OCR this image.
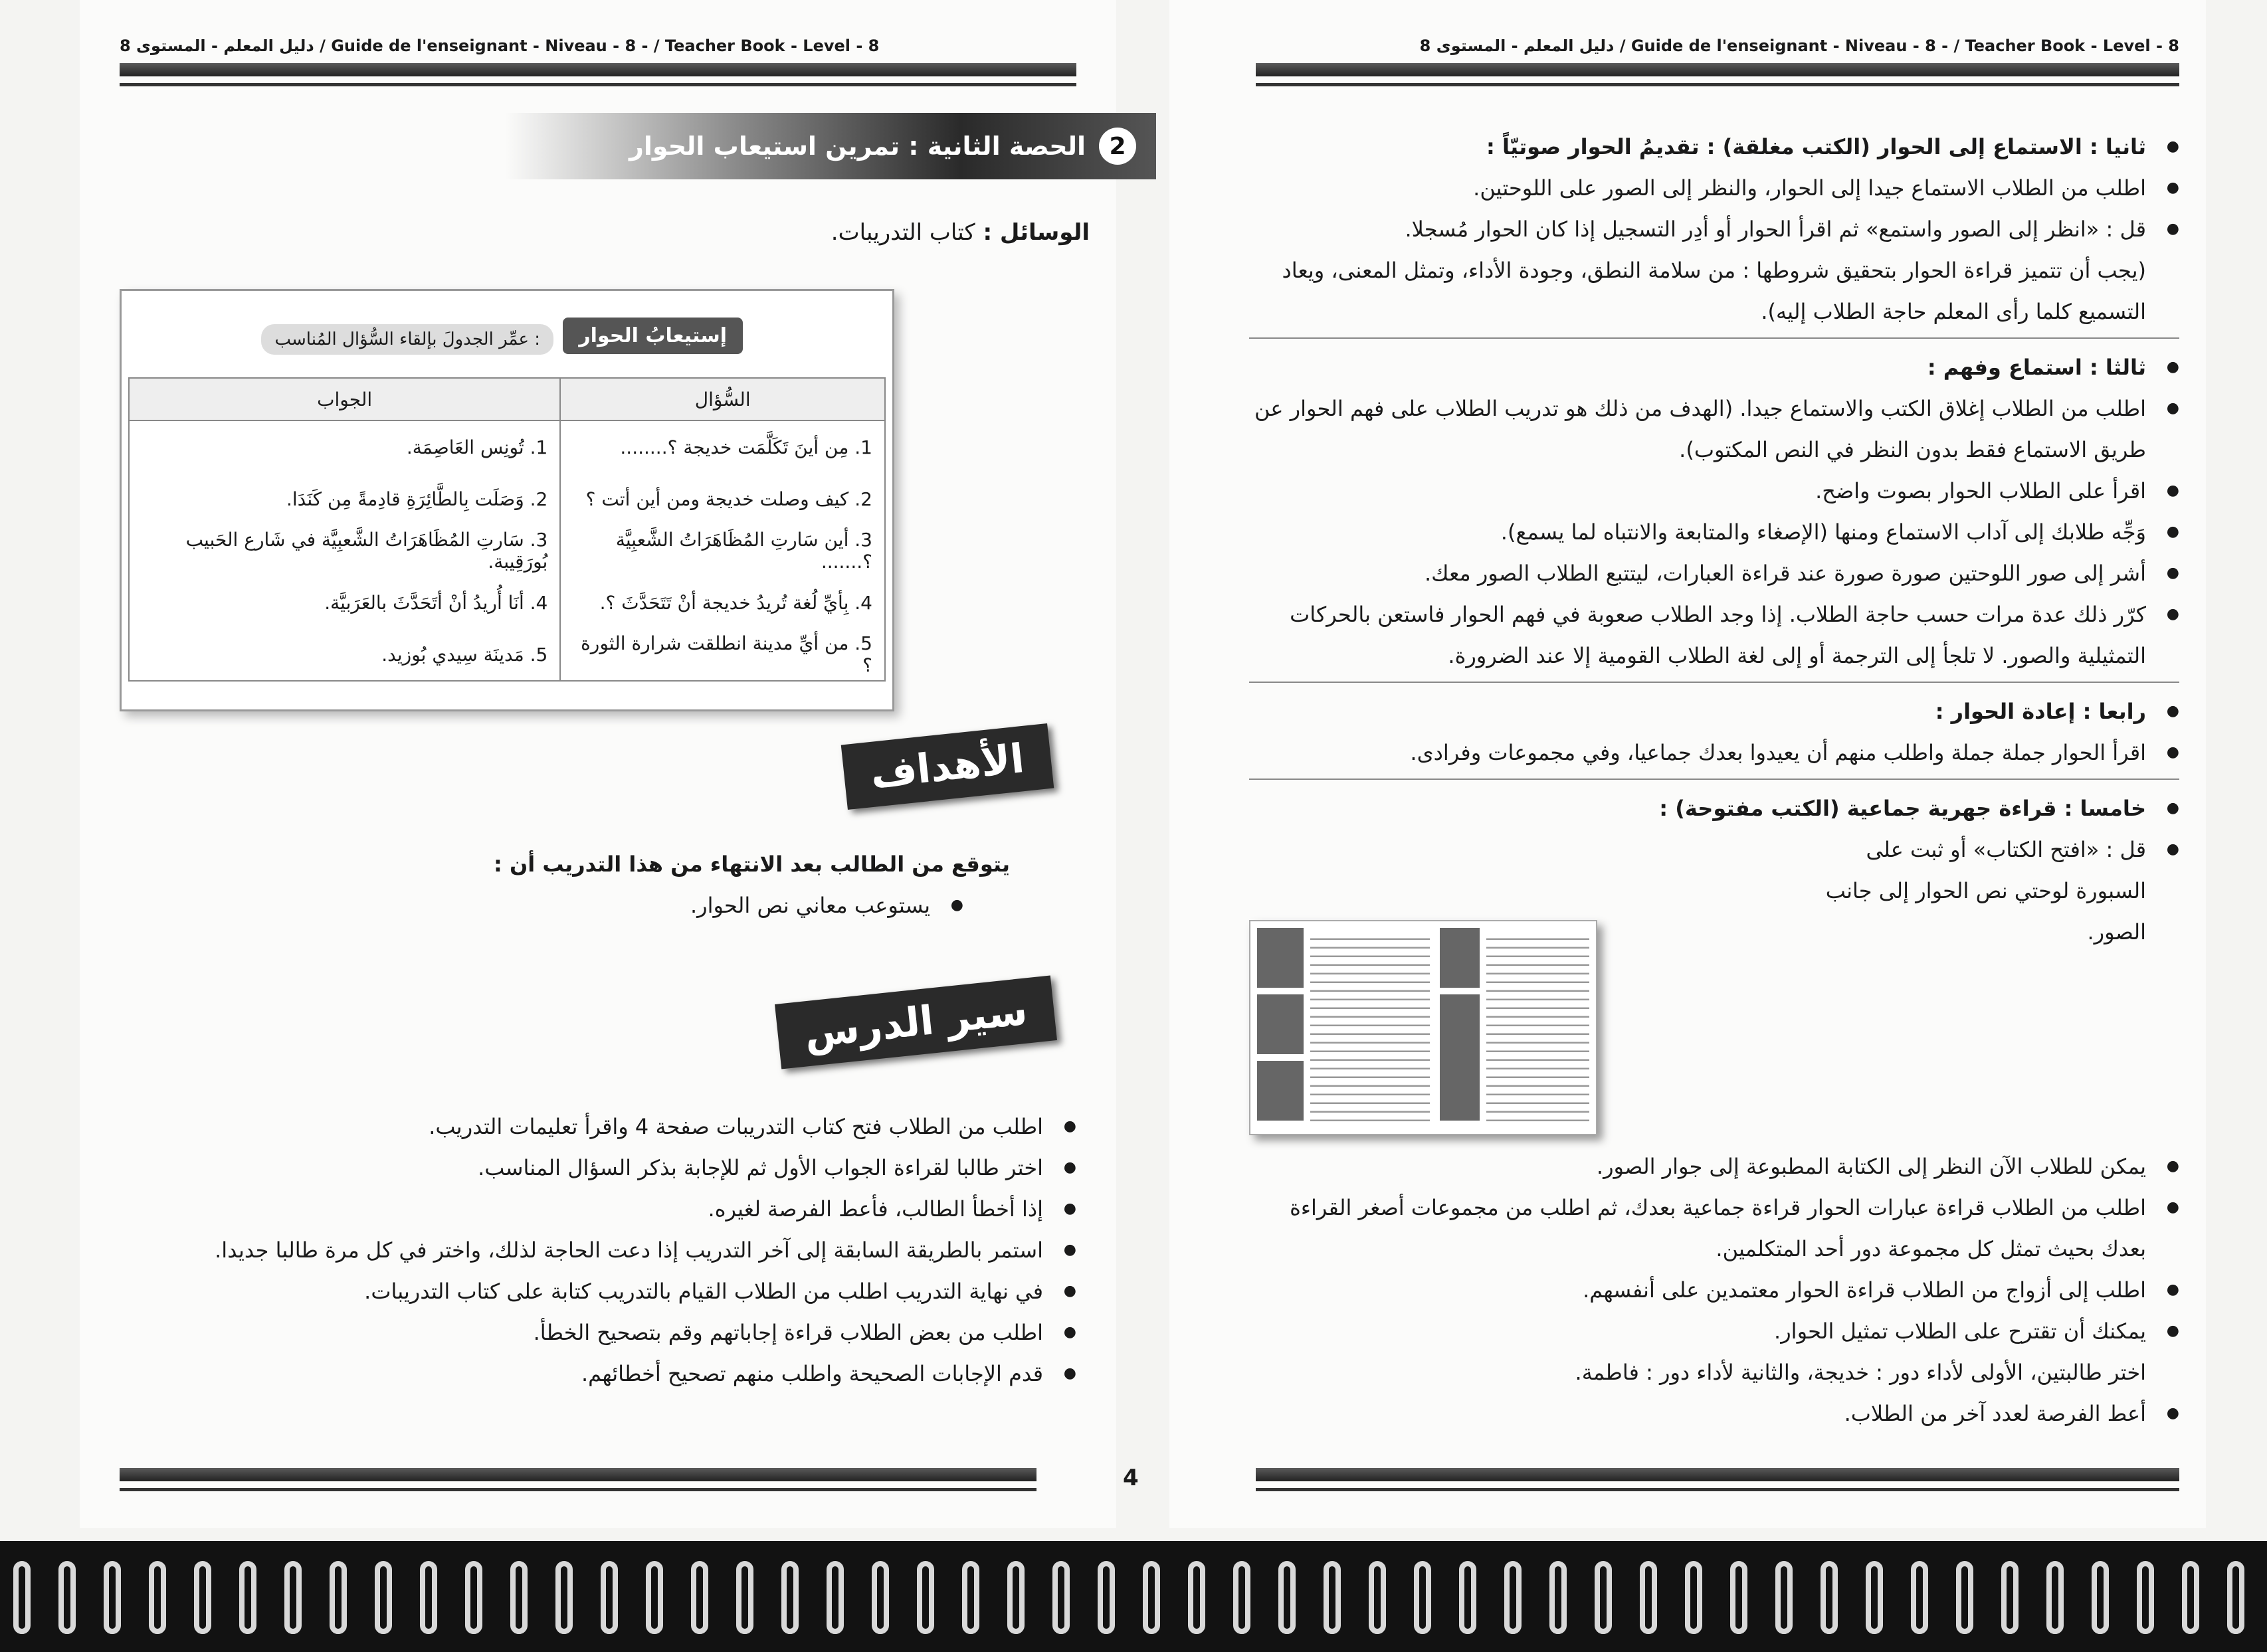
دليل المعلم - المستوى 8 / Guide de l'enseignant - Niveau - 8 - / Teacher Book - Level - 8
الحصة الثانية : تمرين استيعاب الحوار 2
الوسائل : كتاب التدريبات.
إستيعابُ الحوار
عمِّر الجدولَ بإلقاء السُّؤال المُناسب :
السُّؤال	الجواب
1. مِن أينَ تَكَلَّمَت خديجة ؟........	1. تُونِس العَاصِمَة.
2. كيف وصلت خديجة ومن أين أتت ؟	2. وَصَلَت بِالطَّائِرَةِ قادِمةً مِن كَنَدَا.
3. أين سَارتِ المُظَاهَرَاتُ الشَّعبِيَّة ؟.......	3. سَارتِ المُظَاهَرَاتُ الشَّعبِيَّة في شَارع الحَبيب بُورَقِيبة.
4. بِأيِّ لُغة تُريدُ خديجة أنْ تَتَحَدَّثَ ؟.	4. أنَا أُريدُ أنْ أتَحَدَّثَ بالعَرَبيَّة.
5. من أيِّ مدينة انطلقت شرارة الثورة ؟	5. مَدينَة سِيدي بُوزيد.
الأهداف
يتوقع من الطالب بعد الانتهاء من هذا التدريب أن :
● يستوعب معاني نص الحوار.
سير الدرس
● اطلب من الطلاب فتح كتاب التدريبات صفحة 4 واقرأ تعليمات التدريب.
● اختر طالبا لقراءة الجواب الأول ثم للإجابة بذكر السؤال المناسب.
● إذا أخطأ الطالب، فأعط الفرصة لغيره.
● استمر بالطريقة السابقة إلى آخر التدريب إذا دعت الحاجة لذلك، واختر في كل مرة طالبا جديدا.
● في نهاية التدريب اطلب من الطلاب القيام بالتدريب كتابة على كتاب التدريبات.
● اطلب من بعض الطلاب قراءة إجاباتهم وقم بتصحيح الخطأ.
● قدم الإجابات الصحيحة واطلب منهم تصحيح أخطائهم.
4
دليل المعلم - المستوى 8 / Guide de l'enseignant - Niveau - 8 - / Teacher Book - Level - 8
● ثانيا : الاستماع إلى الحوار (الكتب مغلقة) : تقديمُ الحوار صوتيّاً :
● اطلب من الطلاب الاستماع جيدا إلى الحوار، والنظر إلى الصور على اللوحتين.
● قل : «انظر إلى الصور واستمع» ثم اقرأ الحوار أو أدِر التسجيل إذا كان الحوار مُسجلا.
(يجب أن تتميز قراءة الحوار بتحقيق شروطها : من سلامة النطق، وجودة الأداء، وتمثل المعنى، ويعاد التسميع كلما رأى المعلم حاجة الطلاب إليه).
● ثالثا : استماع وفهم :
● اطلب من الطلاب إغلاق الكتب والاستماع جيدا. (الهدف من ذلك هو تدريب الطلاب على فهم الحوار عن طريق الاستماع فقط بدون النظر في النص المكتوب).
● اقرأ على الطلاب الحوار بصوت واضح.
● وَجِّه طلابك إلى آداب الاستماع ومنها (الإصغاء والمتابعة والانتباه لما يسمع).
● أشر إلى صور اللوحتين صورة صورة عند قراءة العبارات، ليتتبع الطلاب الصور معك.
● كرّر ذلك عدة مرات حسب حاجة الطلاب. إذا وجد الطلاب صعوبة في فهم الحوار فاستعن بالحركات التمثيلية والصور. لا تلجأ إلى الترجمة أو إلى لغة الطلاب القومية إلا عند الضرورة.
● رابعا : إعادة الحوار :
● اقرأ الحوار جملة جملة واطلب منهم أن يعيدوا بعدك جماعيا، وفي مجموعات وفرادى.
● خامسا : قراءة جهرية جماعية (الكتب مفتوحة) :
● قل : «افتح الكتاب» أو ثبت على السبورة لوحتي نص الحوار إلى جانب الصور.
● يمكن للطلاب الآن النظر إلى الكتابة المطبوعة إلى جوار الصور.
● اطلب من الطلاب قراءة عبارات الحوار قراءة جماعية بعدك، ثم اطلب من مجموعات أصغر القراءة بعدك بحيث تمثل كل مجموعة دور أحد المتكلمين.
● اطلب إلى أزواج من الطلاب قراءة الحوار معتمدين على أنفسهم.
● يمكنك أن تقترح على الطلاب تمثيل الحوار.
اختر طالبتين، الأولى لأداء دور : خديجة، والثانية لأداء دور : فاطمة.
● أعط الفرصة لعدد آخر من الطلاب.
